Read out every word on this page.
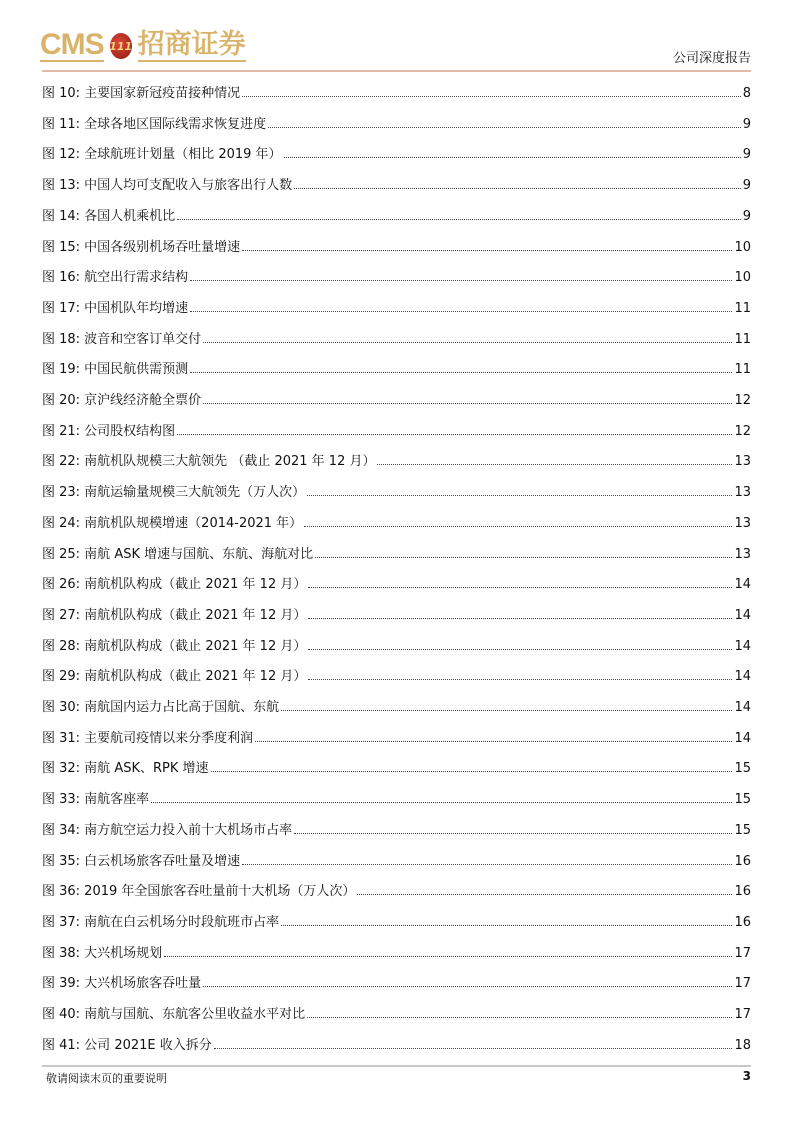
CMS 111 招商证券	公司深度报告
图 10: 主要国家新冠疫苗接种情况	8
图 11: 全球各地区国际线需求恢复进度	9
图 12: 全球航班计划量（相比 2019 年）	9
图 13: 中国人均可支配收入与旅客出行人数	9
图 14: 各国人机乘机比	9
图 15: 中国各级别机场吞吐量增速	10
图 16: 航空出行需求结构	10
图 17: 中国机队年均增速	11
图 18: 波音和空客订单交付	11
图 19: 中国民航供需预测	11
图 20: 京沪线经济舱全票价	12
图 21: 公司股权结构图	12
图 22: 南航机队规模三大航领先 （截止 2021 年 12 月）	13
图 23: 南航运输量规模三大航领先（万人次）	13
图 24: 南航机队规模增速（2014-2021 年）	13
图 25: 南航 ASK 增速与国航、东航、海航对比	13
图 26: 南航机队构成（截止 2021 年 12 月）	14
图 27: 南航机队构成（截止 2021 年 12 月）	14
图 28: 南航机队构成（截止 2021 年 12 月）	14
图 29: 南航机队构成（截止 2021 年 12 月）	14
图 30: 南航国内运力占比高于国航、东航	14
图 31: 主要航司疫情以来分季度利润	14
图 32: 南航 ASK、RPK 增速	15
图 33: 南航客座率	15
图 34: 南方航空运力投入前十大机场市占率	15
图 35: 白云机场旅客吞吐量及增速	16
图 36: 2019 年全国旅客吞吐量前十大机场（万人次）	16
图 37: 南航在白云机场分时段航班市占率	16
图 38: 大兴机场规划	17
图 39: 大兴机场旅客吞吐量	17
图 40: 南航与国航、东航客公里收益水平对比	17
图 41: 公司 2021E 收入拆分	18
敬请阅读末页的重要说明	3
